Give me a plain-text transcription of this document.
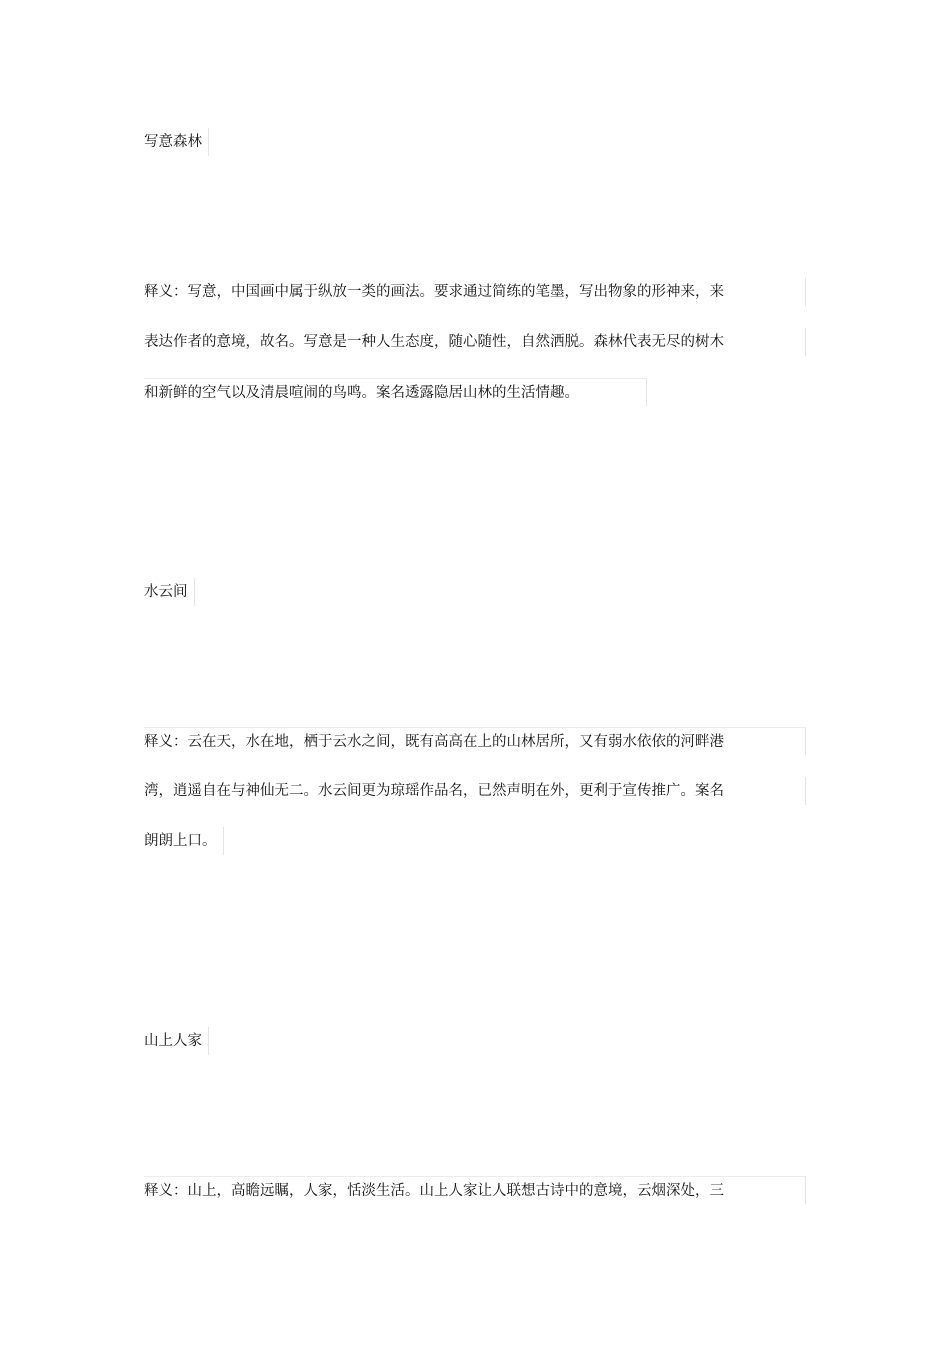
写意森林
释义：写意，中国画中属于纵放一类的画法。要求通过简练的笔墨，写出物象的形神来，来
表达作者的意境，故名。写意是一种人生态度，随心随性，自然洒脱。森林代表无尽的树木
和新鲜的空气以及清晨喧闹的鸟鸣。案名透露隐居山林的生活情趣。
水云间
释义：云在天，水在地，栖于云水之间，既有高高在上的山林居所，又有弱水依依的河畔港
湾，逍遥自在与神仙无二。水云间更为琼瑶作品名，已然声明在外，更利于宣传推广。案名
朗朗上口。
山上人家
释义：山上，高瞻远瞩，人家，恬淡生活。山上人家让人联想古诗中的意境，云烟深处，三
